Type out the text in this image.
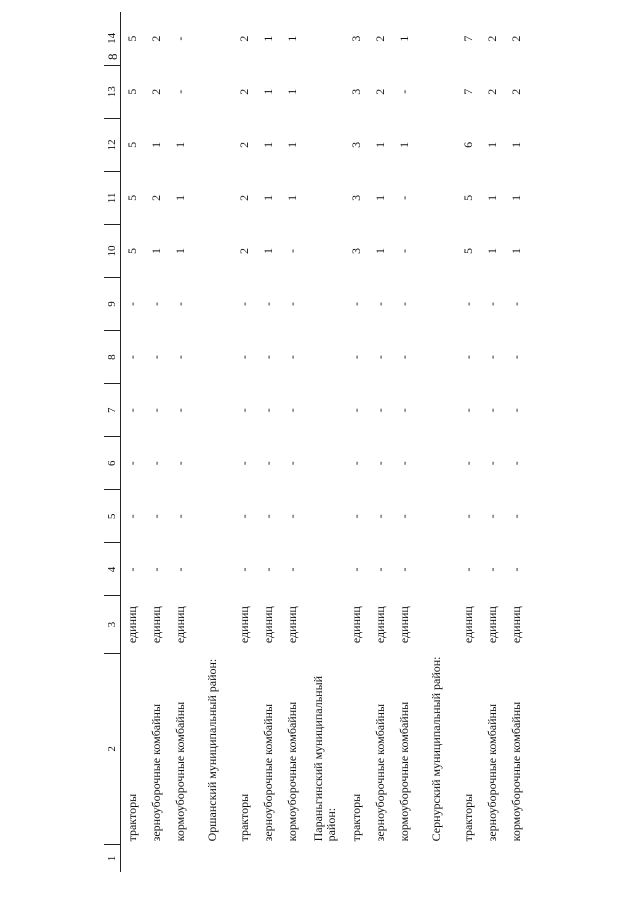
8
1	2	3	4	5	6	7	8	9	10	11	12	13	14
	тракторы	единиц	-	-	-	-	-	-	5	5	5	5	5
	зерноуборочные комбайны	единиц	-	-	-	-	-	-	1	2	1	2	2
	кормоуборочные комбайны	единиц	-	-	-	-	-	-	1	1	1	-	-
	Оршанский муниципальный район:												
	тракторы	единиц	-	-	-	-	-	-	2	2	2	2	2
	зерноуборочные комбайны	единиц	-	-	-	-	-	-	1	1	1	1	1
	кормоуборочные комбайны	единиц	-	-	-	-	-	-	-	1	1	1	1
	Параньгинский муниципальный район:												
	тракторы	единиц	-	-	-	-	-	-	3	3	3	3	3
	зерноуборочные комбайны	единиц	-	-	-	-	-	-	1	1	1	2	2
	кормоуборочные комбайны	единиц	-	-	-	-	-	-	-	-	1	-	1
	Сернурский муниципальный район:												
	тракторы	единиц	-	-	-	-	-	-	5	5	6	7	7
	зерноуборочные комбайны	единиц	-	-	-	-	-	-	1	1	1	2	2
	кормоуборочные комбайны	единиц	-	-	-	-	-	-	1	1	1	2	2
